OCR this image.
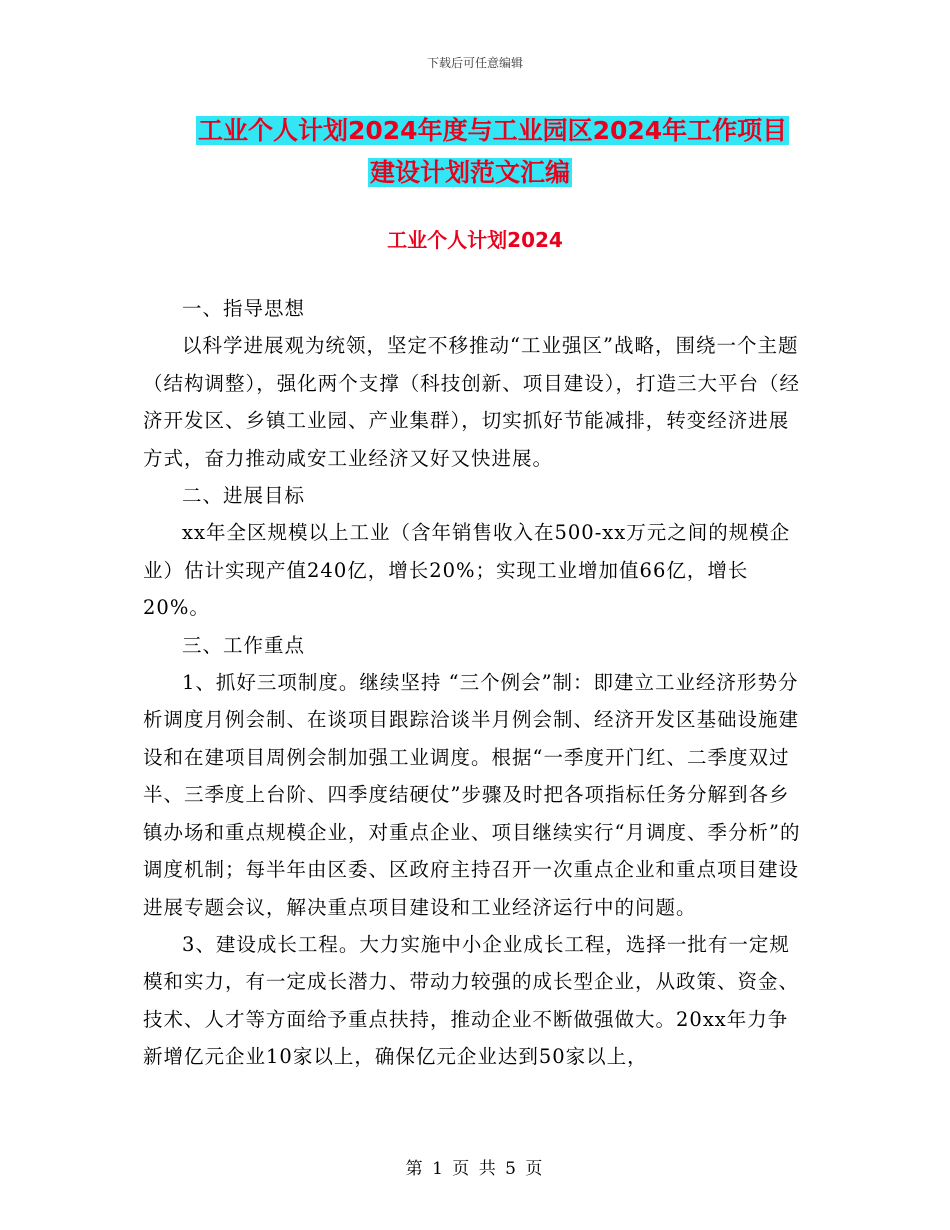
下载后可任意编辑
工业个人计划2024年度与工业园区2024年工作项目
建设计划范文汇编
工业个人计划2024

一、指导思想

以科学进展观为统领，坚定不移推动“工业强区”战略，围绕一个主题（结构调整），强化两个支撑（科技创新、项目建设），打造三大平台（经济开发区、乡镇工业园、产业集群），切实抓好节能减排，转变经济进展方式，奋力推动咸安工业经济又好又快进展。

二、进展目标

xx年全区规模以上工业（含年销售收入在500-xx万元之间的规模企业）估计实现产值240亿，增长20%；实现工业增加值66亿，增长20%。

三、工作重点

1、抓好三项制度。继续坚持 “三个例会”制：即建立工业经济形势分析调度月例会制、在谈项目跟踪洽谈半月例会制、经济开发区基础设施建设和在建项目周例会制加强工业调度。根据“一季度开门红、二季度双过半、三季度上台阶、四季度结硬仗”步骤及时把各项指标任务分解到各乡镇办场和重点规模企业，对重点企业、项目继续实行“月调度、季分析”的调度机制；每半年由区委、区政府主持召开一次重点企业和重点项目建设进展专题会议，解决重点项目建设和工业经济运行中的问题。

3、建设成长工程。大力实施中小企业成长工程，选择一批有一定规模和实力，有一定成长潜力、带动力较强的成长型企业，从政策、资金、技术、人才等方面给予重点扶持，推动企业不断做强做大。20xx年力争新增亿元企业10家以上，确保亿元企业达到50家以上，

第 1 页 共 5 页
